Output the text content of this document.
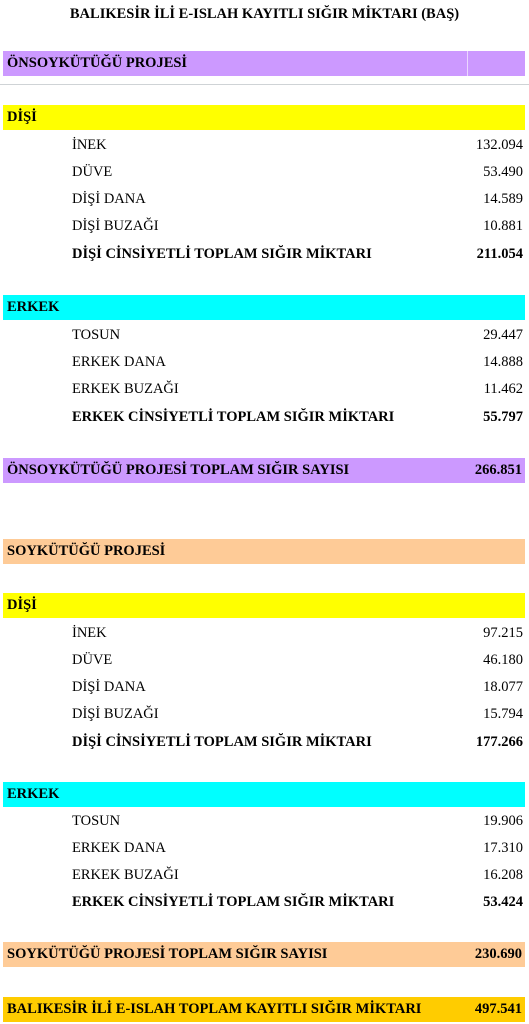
BALIKESİR İLİ E-ISLAH KAYITLI SIĞIR MİKTARI (BAŞ)
ÖNSOYKÜTÜĞÜ PROJESİ
DİŞİ
İNEK	132.094
DÜVE	53.490
DİŞİ DANA	14.589
DİŞİ BUZAĞI	10.881
DİŞİ CİNSİYETLİ TOPLAM SIĞIR MİKTARI	211.054
ERKEK
TOSUN	29.447
ERKEK DANA	14.888
ERKEK BUZAĞI	11.462
ERKEK CİNSİYETLİ TOPLAM SIĞIR MİKTARI	55.797
ÖNSOYKÜTÜĞÜ PROJESİ TOPLAM SIĞIR SAYISI	266.851
SOYKÜTÜĞÜ PROJESİ
DİŞİ
İNEK	97.215
DÜVE	46.180
DİŞİ DANA	18.077
DİŞİ BUZAĞI	15.794
DİŞİ CİNSİYETLİ TOPLAM SIĞIR MİKTARI	177.266
ERKEK
TOSUN	19.906
ERKEK DANA	17.310
ERKEK BUZAĞI	16.208
ERKEK CİNSİYETLİ TOPLAM SIĞIR MİKTARI	53.424
SOYKÜTÜĞÜ PROJESİ TOPLAM SIĞIR SAYISI	230.690
BALIKESİR İLİ E-ISLAH TOPLAM KAYITLI SIĞIR MİKTARI	497.541
